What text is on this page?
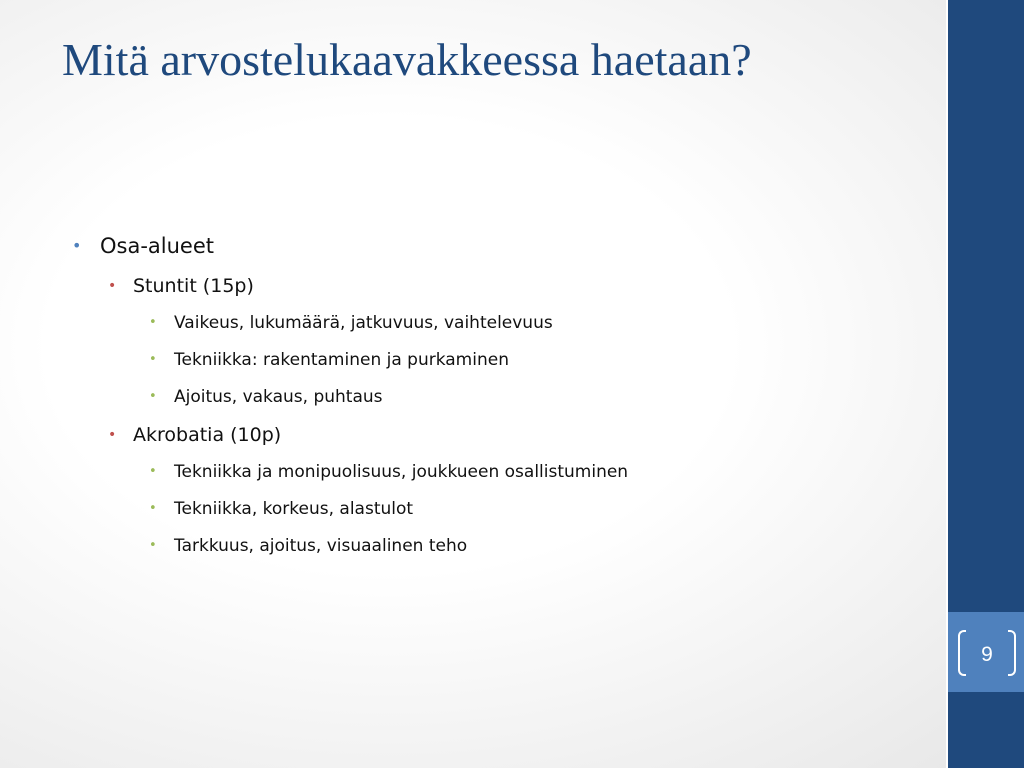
Mitä arvostelukaavakkeessa haetaan?
• Osa-alueet
• Stuntit (15p)
• Vaikeus, lukumäärä, jatkuvuus, vaihtelevuus
• Tekniikka: rakentaminen ja purkaminen
• Ajoitus, vakaus, puhtaus
• Akrobatia (10p)
• Tekniikka ja monipuolisuus, joukkueen osallistuminen
• Tekniikka, korkeus, alastulot
• Tarkkuus, ajoitus, visuaalinen teho
9
